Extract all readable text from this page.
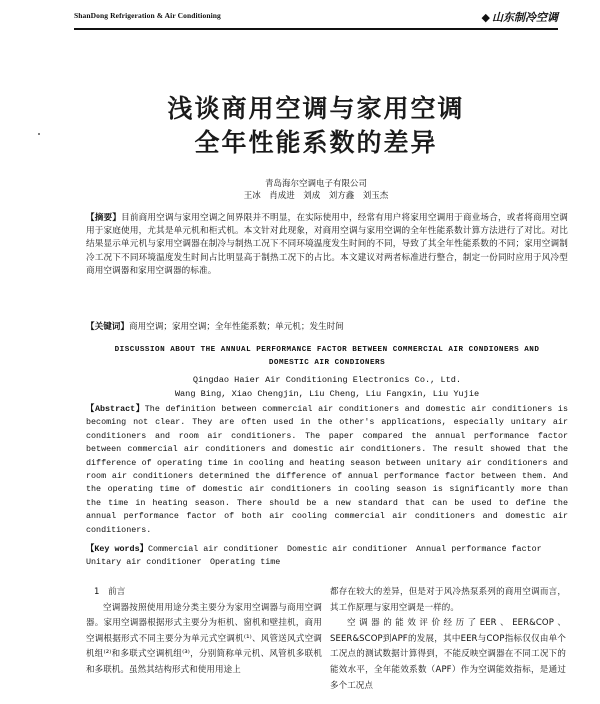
ShanDong Refrigeration & Air Conditioning	◆ 山东制冷空调
浅谈商用空调与家用空调
全年性能系数的差异
青岛海尔空调电子有限公司
王冰　肖成进　刘成　刘方鑫　刘玉杰
【摘要】目前商用空调与家用空调之间界限并不明显，在实际使用中，经常有用户将家用空调用于商业场合，或者将商用空调用于家庭使用，尤其是单元机和柜式机。本文针对此现象，对商用空调与家用空调的全年性能系数计算方法进行了对比。对比结果显示单元机与家用空调器在制冷与制热工况下不同环境温度发生时间的不同，导致了其全年性能系数的不同；家用空调制冷工况下不同环境温度发生时间占比明显高于制热工况下的占比。本文建议对两者标准进行整合，制定一份同时应用于风冷型商用空调器和家用空调器的标准。
【关键词】商用空调；家用空调；全年性能系数；单元机；发生时间
DISCUSSION ABOUT THE ANNUAL PERFORMANCE FACTOR BETWEEN COMMERCIAL AIR CONDIONERS AND
DOMESTIC AIR CONDIONERS
Qingdao Haier Air Conditioning Electronics Co., Ltd.
Wang Bing, Xiao Chengjin, Liu Cheng, Liu Fangxin, Liu Yujie
【Abstract】The definition between commercial air conditioners and domestic air conditioners is becoming not clear. They are often used in the other's applications, especially unitary air conditioners and room air conditioners. The paper compared the annual performance factor between commercial air conditioners and domestic air conditioners. The result showed that the difference of operating time in cooling and heating season between unitary air conditioners and room air conditioners determined the difference of annual performance factor between them. And the operating time of domestic air conditioners in cooling season is significantly more than the time in heating season. There should be a new standard that can be used to define the annual performance factor of both air cooling commercial air conditioners and domestic air conditioners.
【Key words】Commercial air conditioner　Domestic air conditioner　Annual performance factor Unitary air conditioner　Operating time
1　前言
空调器按照使用用途分类主要分为家用空调器与商用空调器。家用空调器根据形式主要分为柜机、窗机和壁挂机，商用空调根据形式不同主要分为单元式空调机⁽¹⁾、风管送风式空调机组⁽²⁾和多联式空调机组⁽³⁾，分别简称单元机、风管机多联机和多联机。虽然其结构形式和使用用途上
都存在较大的差异，但是对于风冷热泵系列的商用空调而言，其工作原理与家用空调是一样的。
空调器的能效评价经历了EER、EER&COP、SEER&SCOP到APF的发展，其中EER与COP指标仅仅由单个工况点的测试数据计算得到，不能反映空调器在不同工况下的能效水平，全年能效系数（APF）作为空调能效指标，是通过多个工况点
